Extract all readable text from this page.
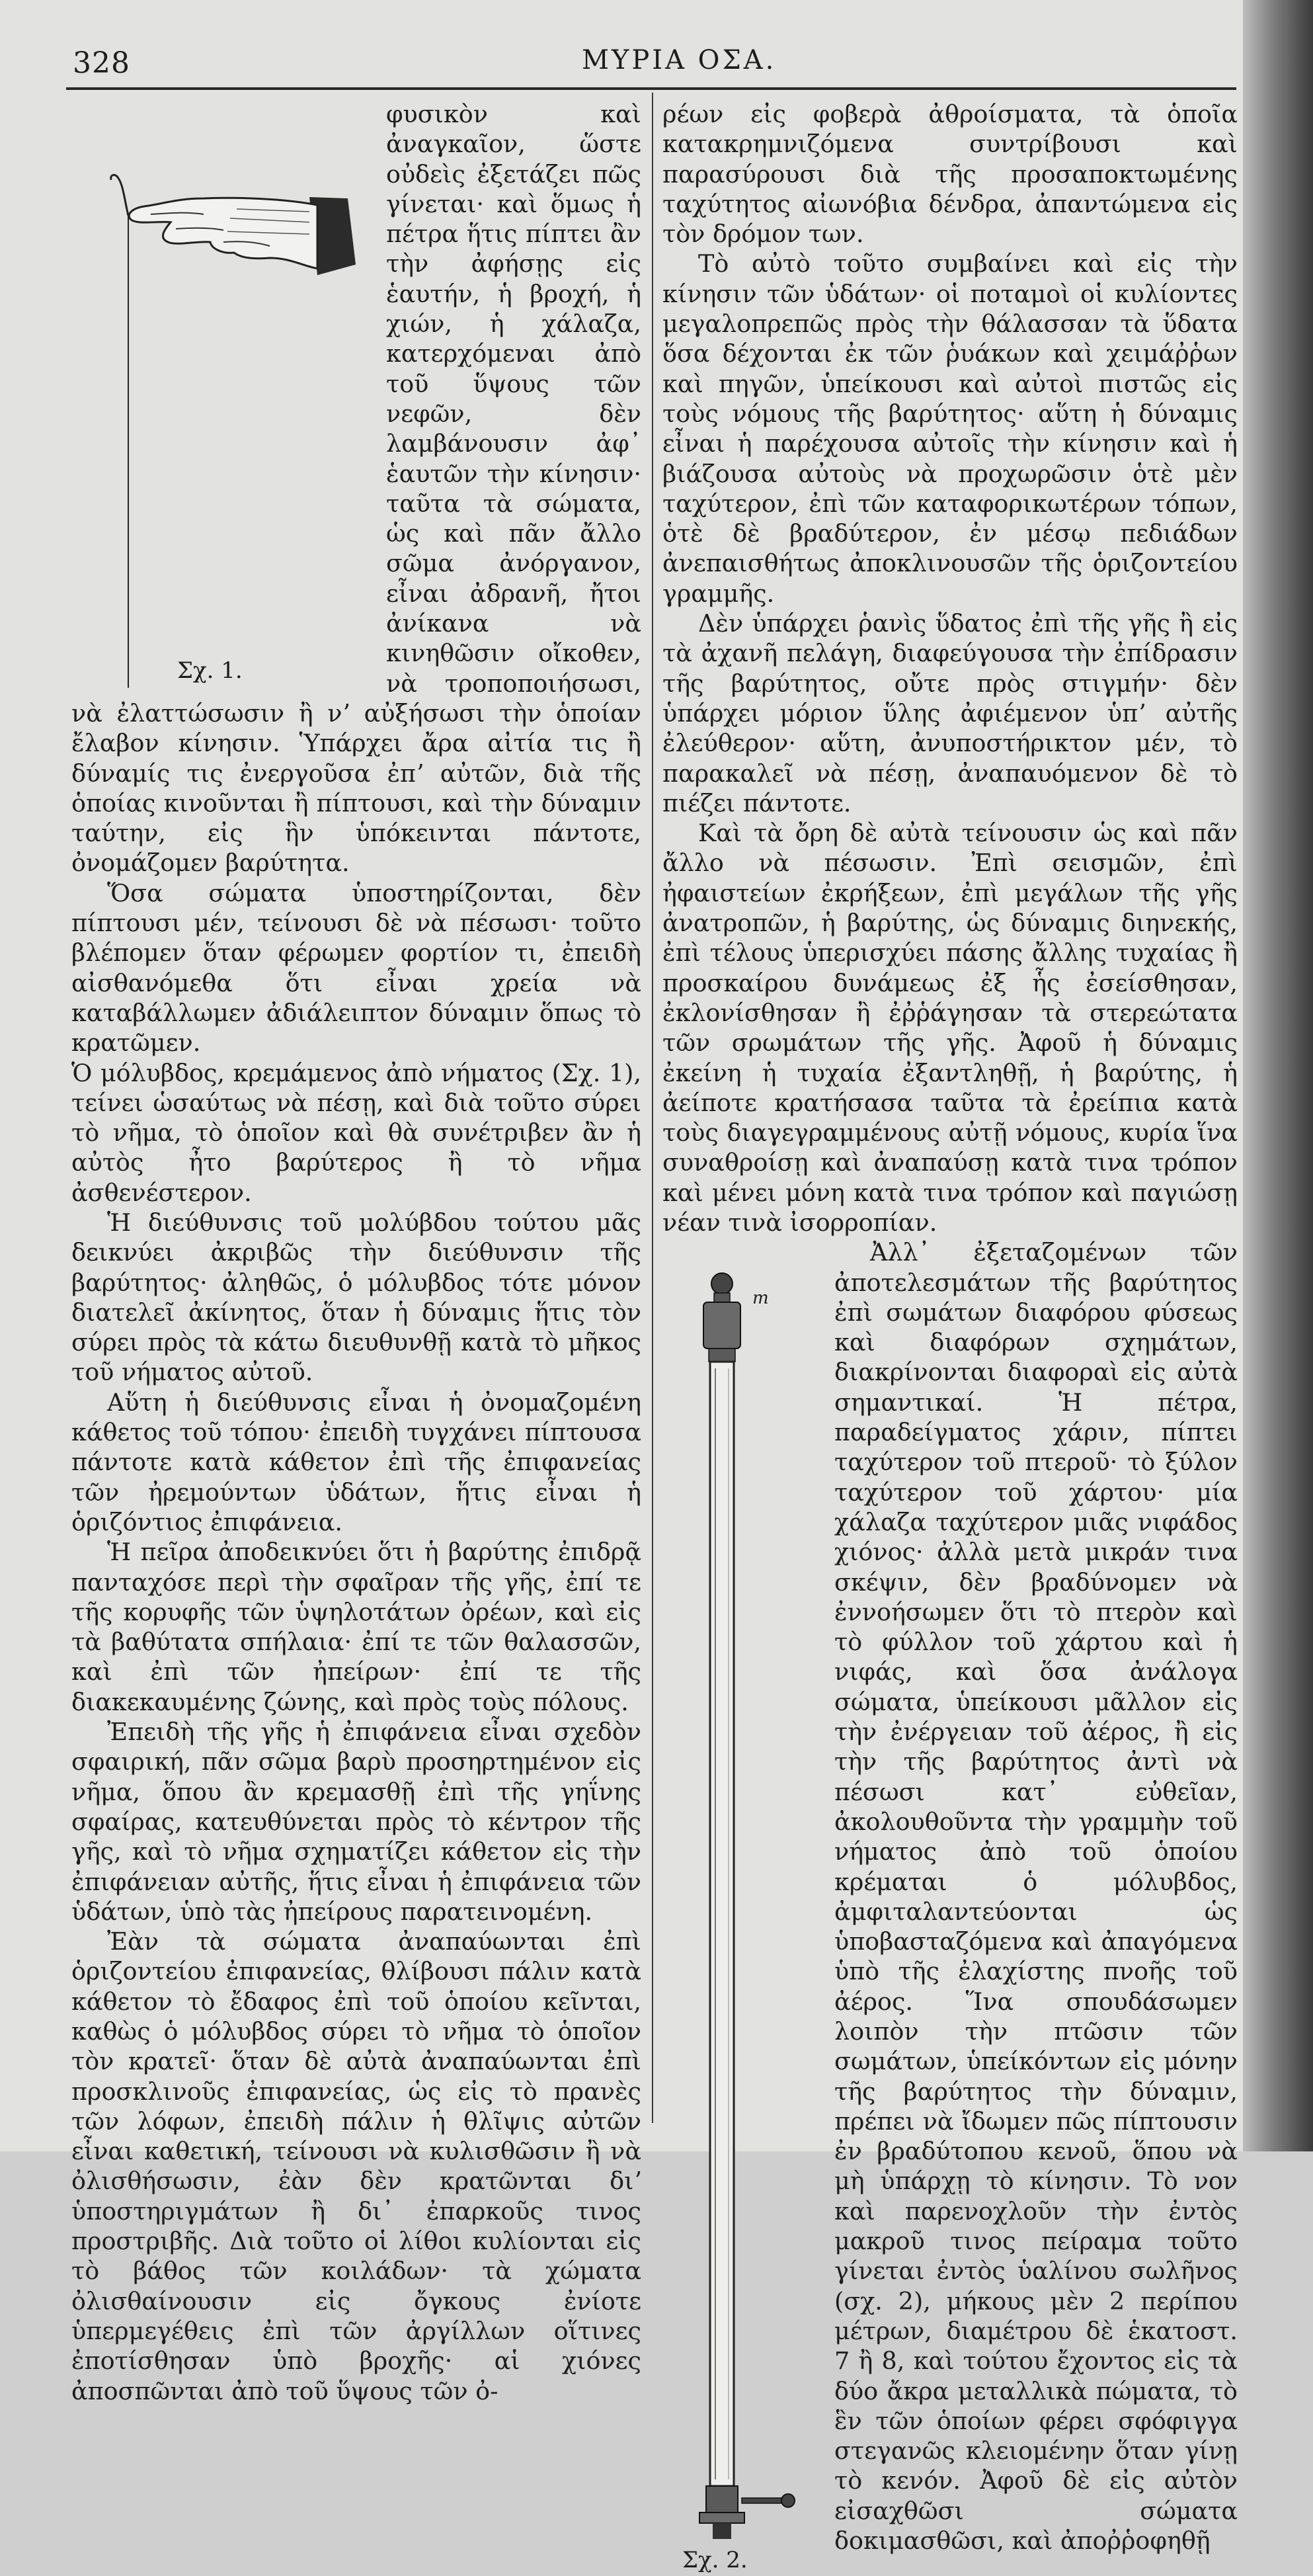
328	ΜΥΡΙΑ ΟΣΑ.
Σχ. 1.

φυσικὸν καὶ ἀναγκαῖον, ὥστε οὐδεὶς ἐξετάζει πῶς γίνεται· καὶ ὅμως ἡ πέτρα ἥτις πίπτει ἂν τὴν ἀφήσῃς εἰς ἑαυτήν, ἡ βροχή, ἡ χιών, ἡ χάλαζα, κατερχόμεναι ἀπὸ τοῦ ὕψους τῶν νεφῶν, δὲν λαμβάνουσιν ἀφ᾽ ἑαυτῶν τὴν κίνησιν· ταῦτα τὰ σώματα, ὡς καὶ πᾶν ἄλλο σῶμα ἀνόργανον, εἶναι ἀδρανῆ, ἤτοι ἀνίκανα νὰ κινηθῶσιν οἴκοθεν, νὰ τροποποιήσωσι, νὰ ἐλαττώσωσιν ἢ νʼ αὐξήσωσι τὴν ὁποίαν ἔλαβον κίνησιν. Ὑπάρχει ἄρα αἰτία τις ἢ δύναμίς τις ἐνεργοῦσα ἐπʼ αὐτῶν, διὰ τῆς ὁποίας κινοῦνται ἢ πίπτουσι, καὶ τὴν δύναμιν ταύτην, εἰς ἣν ὑπόκεινται πάντοτε, ὀνομάζομεν βαρύτητα.

Ὅσα σώματα ὑποστηρίζονται, δὲν πίπτουσι μέν, τείνουσι δὲ νὰ πέσωσι· τοῦτο βλέπομεν ὅταν φέρωμεν φορτίον τι, ἐπειδὴ αἰσθανόμεθα ὅτι εἶναι χρεία νὰ καταβάλλωμεν ἀδιάλειπτον δύναμιν ὅπως τὸ κρατῶμεν.

Ὁ μόλυβδος, κρεμάμενος ἀπὸ νήματος (Σχ. 1), τείνει ὡσαύτως νὰ πέσῃ, καὶ διὰ τοῦτο σύρει τὸ νῆμα, τὸ ὁποῖον καὶ θὰ συνέτριβεν ἂν ἡ αὐτὸς ἦτο βαρύτερος ἢ τὸ νῆμα ἀσθενέστερον.

Ἡ διεύθυνσις τοῦ μολύβδου τούτου μᾶς δεικνύει ἀκριβῶς τὴν διεύθυνσιν τῆς βαρύτητος· ἀληθῶς, ὁ μόλυβδος τότε μόνον διατελεῖ ἀκίνητος, ὅταν ἡ δύναμις ἥτις τὸν σύρει πρὸς τὰ κάτω διευθυνθῇ κατὰ τὸ μῆκος τοῦ νήματος αὐτοῦ.

Αὕτη ἡ διεύθυνσις εἶναι ἡ ὀνομαζομένη κάθετος τοῦ τόπου· ἐπειδὴ τυγχάνει πίπτουσα πάντοτε κατὰ κάθετον ἐπὶ τῆς ἐπιφανείας τῶν ἠρεμούντων ὑδάτων, ἥτις εἶναι ἡ ὁριζόντιος ἐπιφάνεια.

Ἡ πεῖρα ἀποδεικνύει ὅτι ἡ βαρύτης ἐπιδρᾷ πανταχόσε περὶ τὴν σφαῖραν τῆς γῆς, ἐπί τε τῆς κορυφῆς τῶν ὑψηλοτάτων ὀρέων, καὶ εἰς τὰ βαθύτατα σπήλαια· ἐπί τε τῶν θαλασσῶν, καὶ ἐπὶ τῶν ἠπείρων· ἐπί τε τῆς διακεκαυμένης ζώνης, καὶ πρὸς τοὺς πόλους.

Ἐπειδὴ τῆς γῆς ἡ ἐπιφάνεια εἶναι σχεδὸν σφαιρική, πᾶν σῶμα βαρὺ προσηρτημένον εἰς νῆμα, ὅπου ἂν κρεμασθῇ ἐπὶ τῆς γηΐνης σφαίρας, κατευθύνεται πρὸς τὸ κέντρον τῆς γῆς, καὶ τὸ νῆμα σχηματίζει κάθετον εἰς τὴν ἐπιφάνειαν αὐτῆς, ἥτις εἶναι ἡ ἐπιφάνεια τῶν ὑδάτων, ὑπὸ τὰς ἠπείρους παρατεινομένη.

Ἐὰν τὰ σώματα ἀναπαύωνται ἐπὶ ὁριζοντείου ἐπιφανείας, θλίβουσι πάλιν κατὰ κάθετον τὸ ἔδαφος ἐπὶ τοῦ ὁποίου κεῖνται, καθὼς ὁ μόλυβδος σύρει τὸ νῆμα τὸ ὁποῖον τὸν κρατεῖ· ὅταν δὲ αὐτὰ ἀναπαύωνται ἐπὶ προσκλινοῦς ἐπιφανείας, ὡς εἰς τὸ πρανὲς τῶν λόφων, ἐπειδὴ πάλιν ἡ θλῖψις αὐτῶν εἶναι καθετική, τείνουσι νὰ κυλισθῶσιν ἢ νὰ ὀλισθήσωσιν, ἐὰν δὲν κρατῶνται διʼ ὑποστηριγμάτων ἢ δι᾽ ἐπαρκοῦς τινος προστριβῆς. Διὰ τοῦτο οἱ λίθοι κυλίονται εἰς τὸ βάθος τῶν κοιλάδων· τὰ χώματα ὀλισθαίνουσιν εἰς ὄγκους ἐνίοτε ὑπερμεγέθεις ἐπὶ τῶν ἀργίλλων οἵτινες ἐποτίσθησαν ὑπὸ βροχῆς· αἱ χιόνες ἀποσπῶνται ἀπὸ τοῦ ὕψους τῶν ὀ-

ρέων εἰς φοβερὰ ἀθροίσματα, τὰ ὁποῖα κατακρημνιζόμενα συντρίβουσι καὶ παρασύρουσι διὰ τῆς προσαποκτωμένης ταχύτητος αἰωνόβια δένδρα, ἀπαντώμενα εἰς τὸν δρόμον των.

Τὸ αὐτὸ τοῦτο συμβαίνει καὶ εἰς τὴν κίνησιν τῶν ὑδάτων· οἱ ποταμοὶ οἱ κυλίοντες μεγαλοπρεπῶς πρὸς τὴν θάλασσαν τὰ ὕδατα ὅσα δέχονται ἐκ τῶν ῥυάκων καὶ χειμάῤῥων καὶ πηγῶν, ὑπείκουσι καὶ αὐτοὶ πιστῶς εἰς τοὺς νόμους τῆς βαρύτητος· αὕτη ἡ δύναμις εἶναι ἡ παρέχουσα αὐτοῖς τὴν κίνησιν καὶ ἡ βιάζουσα αὐτοὺς νὰ προχωρῶσιν ὁτὲ μὲν ταχύτερον, ἐπὶ τῶν καταφορικωτέρων τόπων, ὁτὲ δὲ βραδύτερον, ἐν μέσῳ πεδιάδων ἀνεπαισθήτως ἀποκλινουσῶν τῆς ὁριζοντείου γραμμῆς.

Δὲν ὑπάρχει ῥανὶς ὕδατος ἐπὶ τῆς γῆς ἢ εἰς τὰ ἀχανῆ πελάγη, διαφεύγουσα τὴν ἐπίδρασιν τῆς βαρύτητος, οὔτε πρὸς στιγμήν· δὲν ὑπάρχει μόριον ὕλης ἀφιέμενον ὑπʼ αὐτῆς ἐλεύθερον· αὕτη, ἀνυποστήρικτον μέν, τὸ παρακαλεῖ νὰ πέσῃ, ἀναπαυόμενον δὲ τὸ πιέζει πάντοτε.

Καὶ τὰ ὄρη δὲ αὐτὰ τείνουσιν ὡς καὶ πᾶν ἄλλο νὰ πέσωσιν. Ἐπὶ σεισμῶν, ἐπὶ ἠφαιστείων ἐκρήξεων, ἐπὶ μεγάλων τῆς γῆς ἀνατροπῶν, ἡ βαρύτης, ὡς δύναμις διηνεκής, ἐπὶ τέλους ὑπερισχύει πάσης ἄλλης τυχαίας ἢ προσκαίρου δυνάμεως ἐξ ἧς ἐσείσθησαν, ἐκλονίσθησαν ἢ ἐῤῥάγησαν τὰ στερεώτατα τῶν σρωμάτων τῆς γῆς. Ἀφοῦ ἡ δύναμις ἐκείνη ἡ τυχαία ἐξαντληθῇ, ἡ βαρύτης, ἡ ἀείποτε κρατήσασα ταῦτα τὰ ἐρείπια κατὰ τοὺς διαγεγραμμένους αὐτῇ νόμους, κυρία ἵνα συναθροίσῃ καὶ ἀναπαύσῃ κατὰ τινα τρόπον καὶ μένει μόνη κατὰ τινα τρόπον καὶ παγιώσῃ νέαν τινὰ ἰσορροπίαν.

m
Σχ. 2.

Ἀλλ᾽ ἐξεταζομένων τῶν ἀποτελεσμάτων τῆς βαρύτητος ἐπὶ σωμάτων διαφόρου φύσεως καὶ διαφόρων σχημάτων, διακρίνονται διαφοραὶ εἰς αὐτὰ σημαντικαί. Ἡ πέτρα, παραδείγματος χάριν, πίπτει ταχύτερον τοῦ πτεροῦ· τὸ ξύλον ταχύτερον τοῦ χάρτου· μία χάλαζα ταχύτερον μιᾶς νιφάδος χιόνος· ἀλλὰ μετὰ μικράν τινα σκέψιν, δὲν βραδύνομεν νὰ ἐννοήσωμεν ὅτι τὸ πτερὸν καὶ τὸ φύλλον τοῦ χάρτου καὶ ἡ νιφάς, καὶ ὅσα ἀνάλογα σώματα, ὑπείκουσι μᾶλλον εἰς τὴν ἐνέργειαν τοῦ ἀέρος, ἢ εἰς τὴν τῆς βαρύτητος ἀντὶ νὰ πέσωσι κατ᾽ εὐθεῖαν, ἀκολουθοῦντα τὴν γραμμὴν τοῦ νήματος ἀπὸ τοῦ ὁποίου κρέμαται ὁ μόλυβδος, ἀμφιταλαντεύονται ὡς ὑποβασταζόμενα καὶ ἀπαγόμενα ὑπὸ τῆς ἐλαχίστης πνοῆς τοῦ ἀέρος. Ἵνα σπουδάσωμεν λοιπὸν τὴν πτῶσιν τῶν σωμάτων, ὑπείκόντων εἰς μόνην τῆς βαρύτητος τὴν δύναμιν, πρέπει νὰ ἴδωμεν πῶς πίπτουσιν ἐν βραδύτοπου κενοῦ, ὅπου νὰ μὴ ὑπάρχῃ τὸ κίνησιν. Τὸ νον καὶ παρενοχλοῦν τὴν ἐντὸς μακροῦ τινος πείραμα τοῦτο γίνεται ἐντὸς ὑαλίνου σωλῆνος (σχ. 2), μήκους μὲν 2 περίπου μέτρων, διαμέτρου δὲ ἑκατοστ. 7 ἢ 8, καὶ τούτου ἔχοντος εἰς τὰ δύο ἄκρα μεταλλικὰ πώματα, τὸ ἓν τῶν ὁποίων φέρει σφόφιγγα στεγανῶς κλειομένην ὅταν γίνῃ τὸ κενόν. Ἀφοῦ δὲ εἰς αὐτὸν εἰσαχθῶσι σώματα δοκιμασθῶσι, καὶ ἀποῤῥοφηθῇ
